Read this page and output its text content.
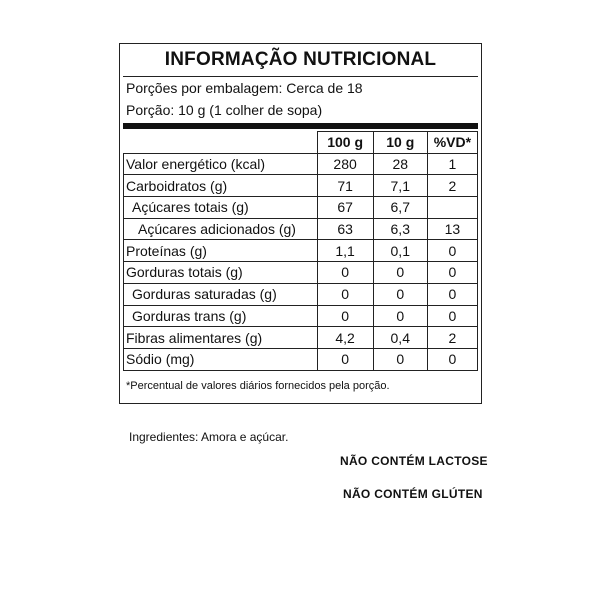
INFORMAÇÃO NUTRICIONAL
Porções por embalagem: Cerca de 18
Porção: 10 g (1 colher de sopa)
	100 g	10 g	%VD*
Valor energético (kcal)	280	28	1
Carboidratos (g)	71	7,1	2
Açúcares totais (g)	67	6,7	
Açúcares adicionados (g)	63	6,3	13
Proteínas (g)	1,1	0,1	0
Gorduras totais (g)	0	0	0
Gorduras saturadas (g)	0	0	0
Gorduras trans (g)	0	0	0
Fibras alimentares (g)	4,2	0,4	2
Sódio (mg)	0	0	0
*Percentual de valores diários fornecidos pela porção.
Ingredientes: Amora e açúcar.
NÃO CONTÉM LACTOSE
NÃO CONTÉM GLÚTEN
